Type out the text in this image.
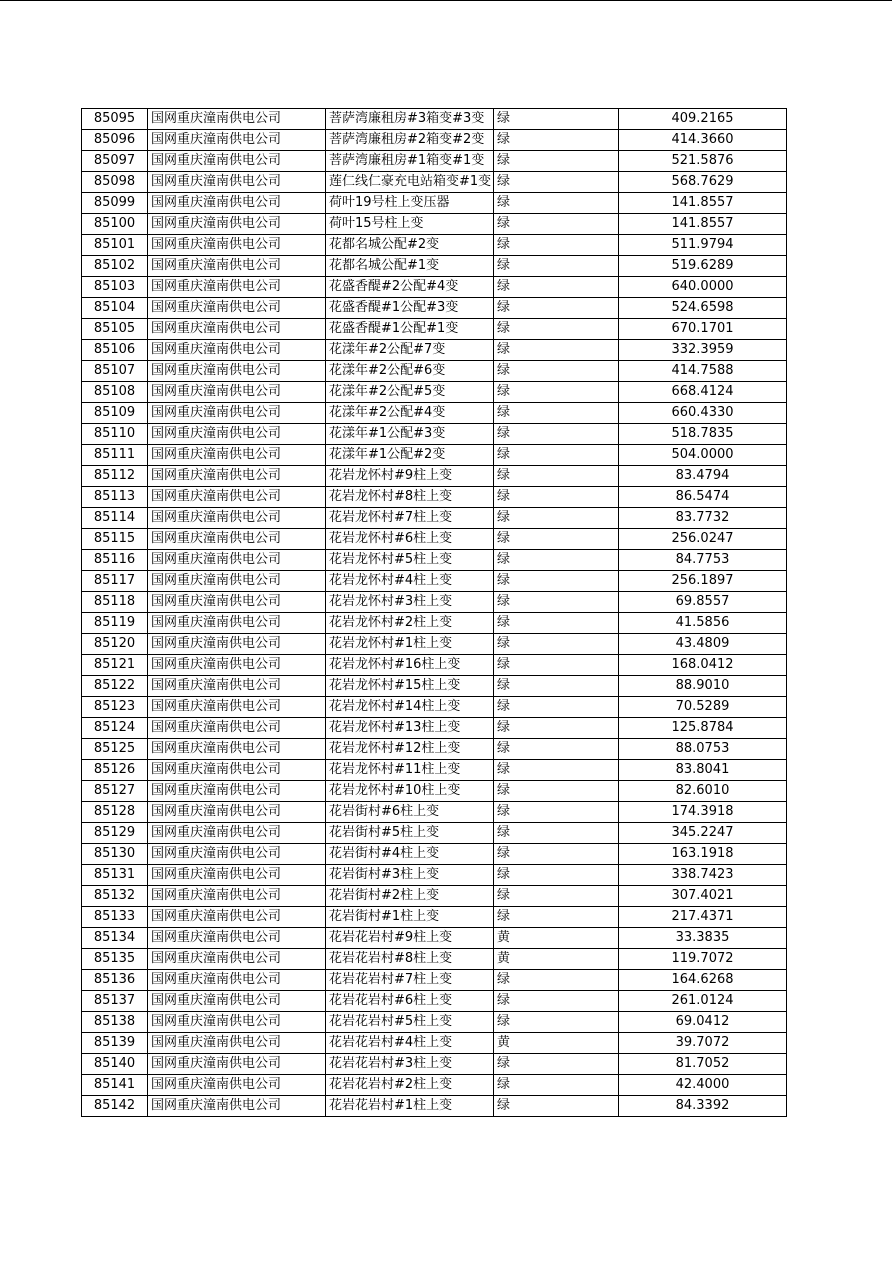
85095	国网重庆潼南供电公司	菩萨湾廉租房#3箱变#3变	绿	409.2165
85096	国网重庆潼南供电公司	菩萨湾廉租房#2箱变#2变	绿	414.3660
85097	国网重庆潼南供电公司	菩萨湾廉租房#1箱变#1变	绿	521.5876
85098	国网重庆潼南供电公司	莲仁线仁豪充电站箱变#1变	绿	568.7629
85099	国网重庆潼南供电公司	荷叶19号柱上变压器	绿	141.8557
85100	国网重庆潼南供电公司	荷叶15号柱上变	绿	141.8557
85101	国网重庆潼南供电公司	花都名城公配#2变	绿	511.9794
85102	国网重庆潼南供电公司	花都名城公配#1变	绿	519.6289
85103	国网重庆潼南供电公司	花盛香醍#2公配#4变	绿	640.0000
85104	国网重庆潼南供电公司	花盛香醍#1公配#3变	绿	524.6598
85105	国网重庆潼南供电公司	花盛香醍#1公配#1变	绿	670.1701
85106	国网重庆潼南供电公司	花漾年#2公配#7变	绿	332.3959
85107	国网重庆潼南供电公司	花漾年#2公配#6变	绿	414.7588
85108	国网重庆潼南供电公司	花漾年#2公配#5变	绿	668.4124
85109	国网重庆潼南供电公司	花漾年#2公配#4变	绿	660.4330
85110	国网重庆潼南供电公司	花漾年#1公配#3变	绿	518.7835
85111	国网重庆潼南供电公司	花漾年#1公配#2变	绿	504.0000
85112	国网重庆潼南供电公司	花岩龙怀村#9柱上变	绿	83.4794
85113	国网重庆潼南供电公司	花岩龙怀村#8柱上变	绿	86.5474
85114	国网重庆潼南供电公司	花岩龙怀村#7柱上变	绿	83.7732
85115	国网重庆潼南供电公司	花岩龙怀村#6柱上变	绿	256.0247
85116	国网重庆潼南供电公司	花岩龙怀村#5柱上变	绿	84.7753
85117	国网重庆潼南供电公司	花岩龙怀村#4柱上变	绿	256.1897
85118	国网重庆潼南供电公司	花岩龙怀村#3柱上变	绿	69.8557
85119	国网重庆潼南供电公司	花岩龙怀村#2柱上变	绿	41.5856
85120	国网重庆潼南供电公司	花岩龙怀村#1柱上变	绿	43.4809
85121	国网重庆潼南供电公司	花岩龙怀村#16柱上变	绿	168.0412
85122	国网重庆潼南供电公司	花岩龙怀村#15柱上变	绿	88.9010
85123	国网重庆潼南供电公司	花岩龙怀村#14柱上变	绿	70.5289
85124	国网重庆潼南供电公司	花岩龙怀村#13柱上变	绿	125.8784
85125	国网重庆潼南供电公司	花岩龙怀村#12柱上变	绿	88.0753
85126	国网重庆潼南供电公司	花岩龙怀村#11柱上变	绿	83.8041
85127	国网重庆潼南供电公司	花岩龙怀村#10柱上变	绿	82.6010
85128	国网重庆潼南供电公司	花岩街村#6柱上变	绿	174.3918
85129	国网重庆潼南供电公司	花岩街村#5柱上变	绿	345.2247
85130	国网重庆潼南供电公司	花岩街村#4柱上变	绿	163.1918
85131	国网重庆潼南供电公司	花岩街村#3柱上变	绿	338.7423
85132	国网重庆潼南供电公司	花岩街村#2柱上变	绿	307.4021
85133	国网重庆潼南供电公司	花岩街村#1柱上变	绿	217.4371
85134	国网重庆潼南供电公司	花岩花岩村#9柱上变	黄	33.3835
85135	国网重庆潼南供电公司	花岩花岩村#8柱上变	黄	119.7072
85136	国网重庆潼南供电公司	花岩花岩村#7柱上变	绿	164.6268
85137	国网重庆潼南供电公司	花岩花岩村#6柱上变	绿	261.0124
85138	国网重庆潼南供电公司	花岩花岩村#5柱上变	绿	69.0412
85139	国网重庆潼南供电公司	花岩花岩村#4柱上变	黄	39.7072
85140	国网重庆潼南供电公司	花岩花岩村#3柱上变	绿	81.7052
85141	国网重庆潼南供电公司	花岩花岩村#2柱上变	绿	42.4000
85142	国网重庆潼南供电公司	花岩花岩村#1柱上变	绿	84.3392
